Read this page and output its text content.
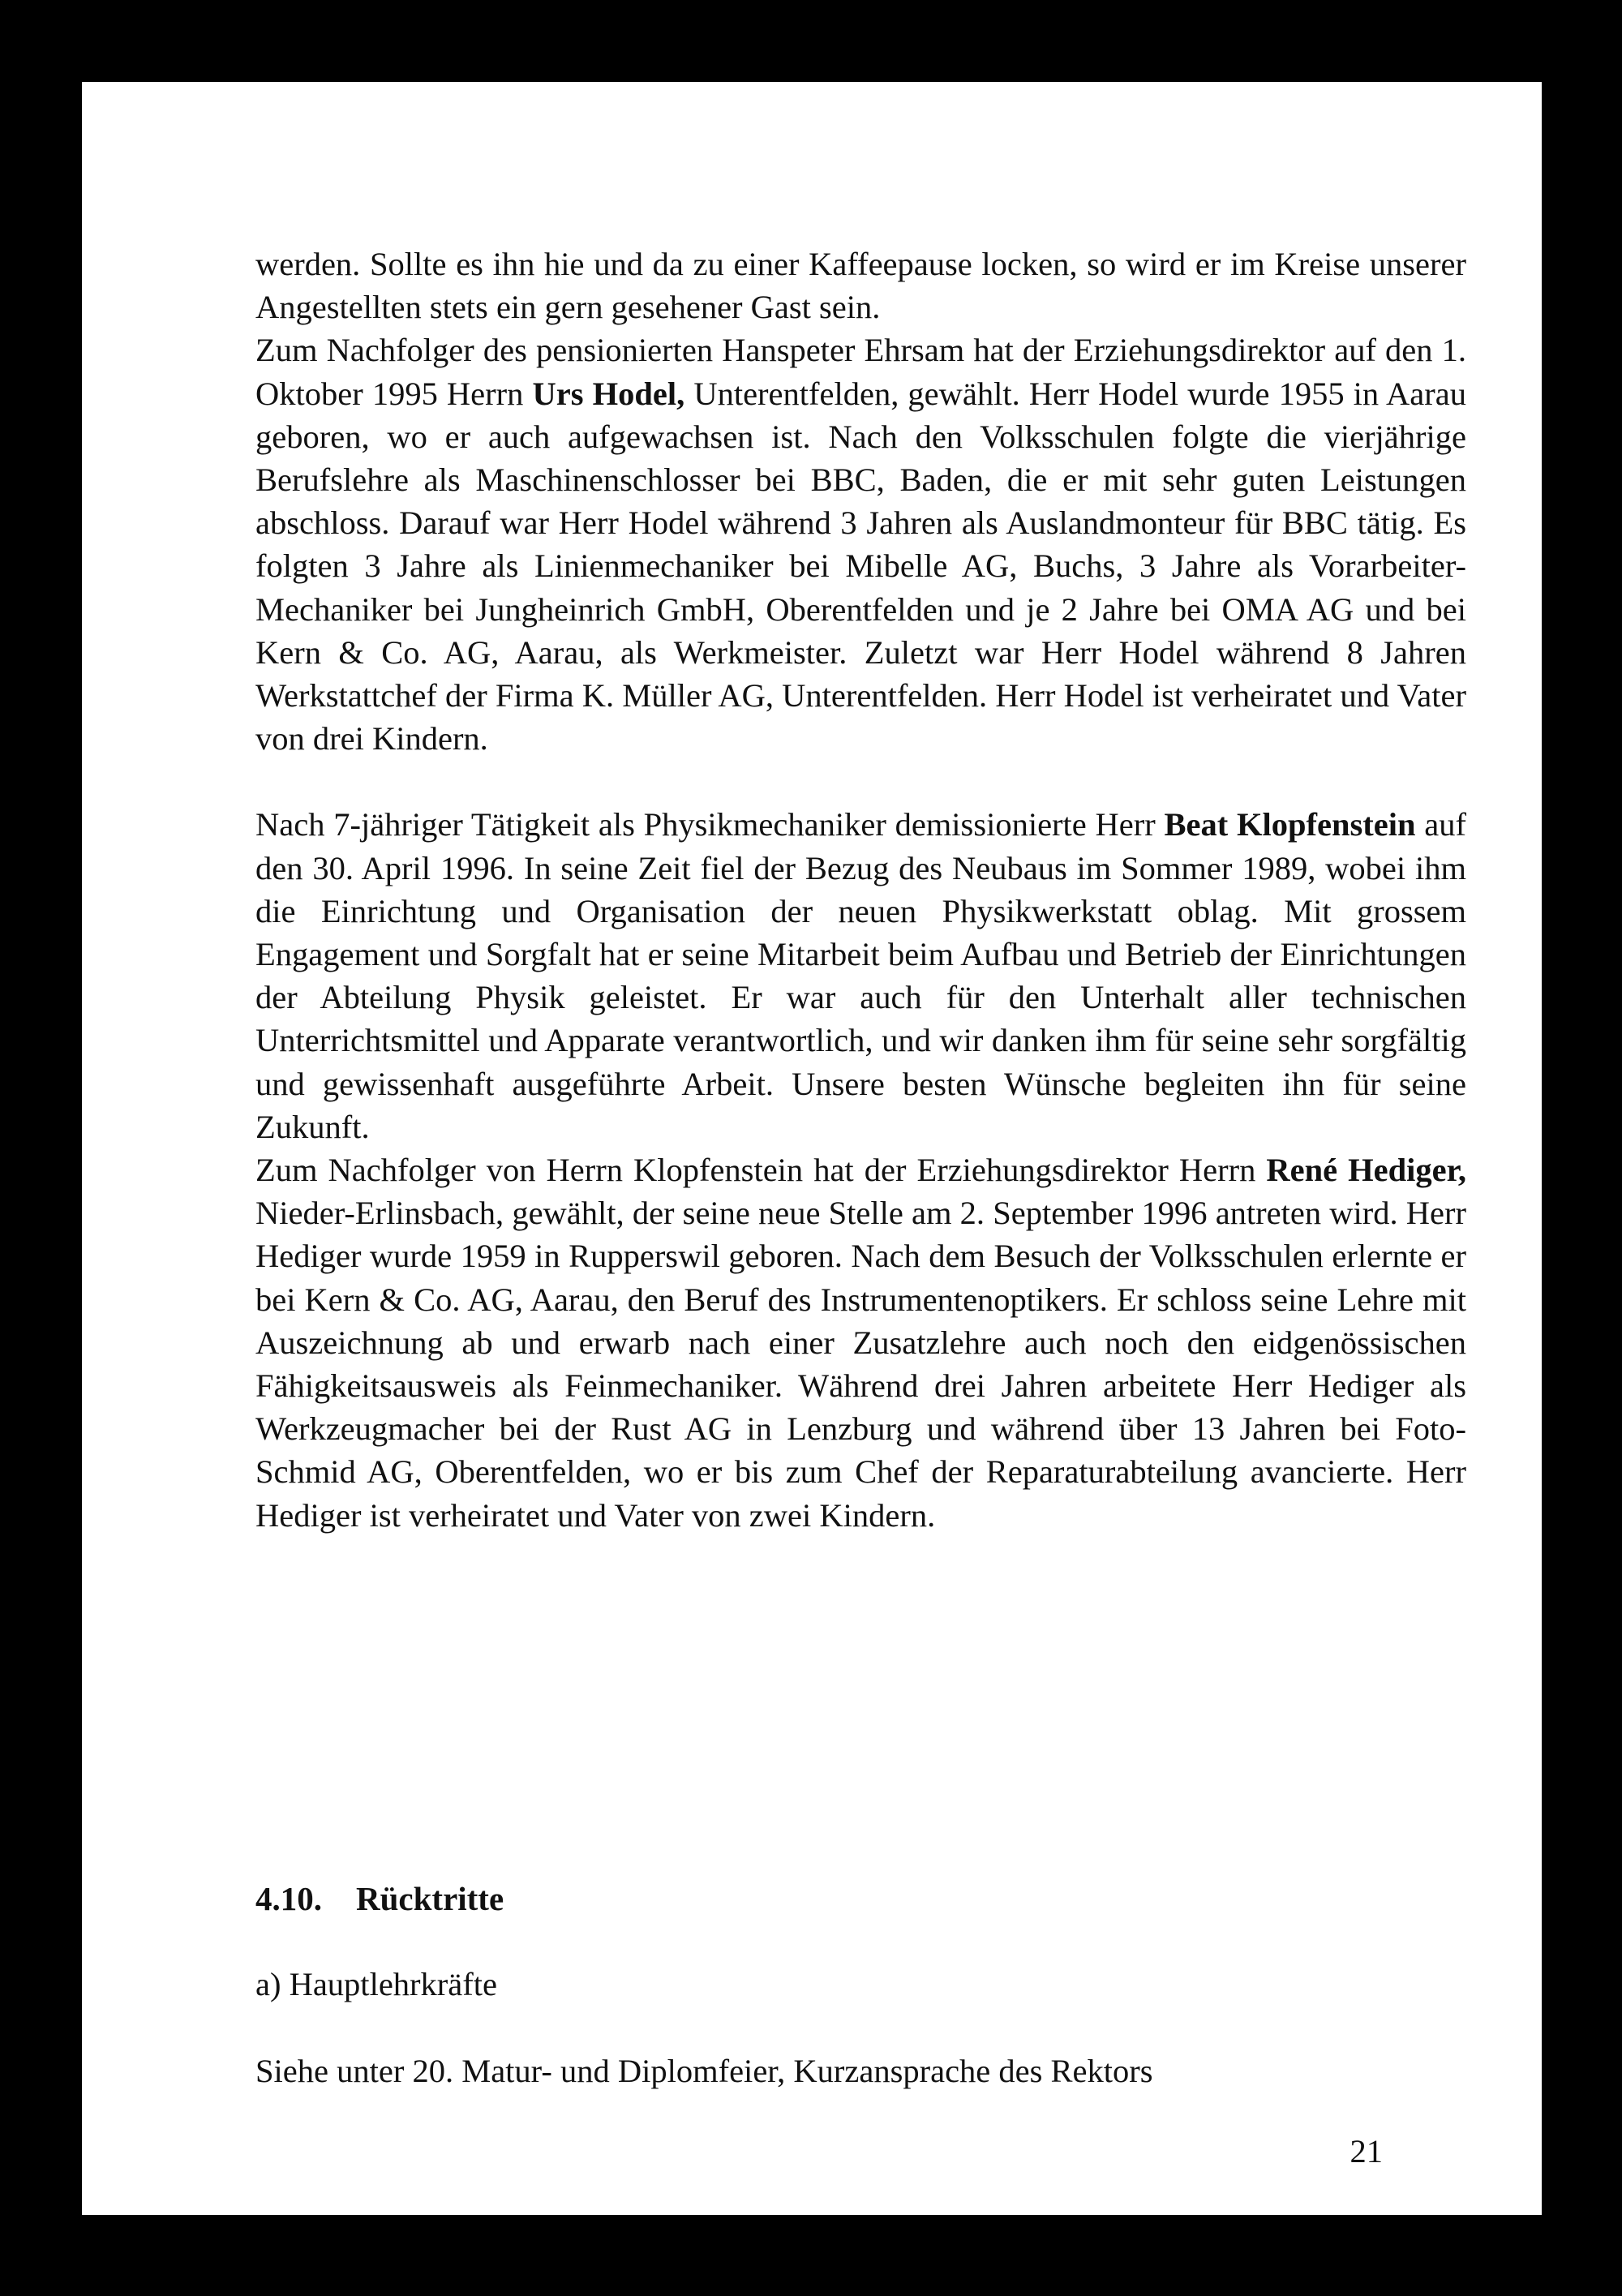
werden. Sollte es ihn hie und da zu einer Kaffeepause locken, so wird er im Kreise unserer Angestellten stets ein gern gesehener Gast sein.

Zum Nachfolger des pensionierten Hanspeter Ehrsam hat der Erziehungsdirektor auf den 1. Oktober 1995 Herrn Urs Hodel, Unterentfelden, gewählt. Herr Hodel wurde 1955 in Aarau geboren, wo er auch aufgewachsen ist. Nach den Volksschulen folgte die vierjährige Berufslehre als Maschinenschlosser bei BBC, Baden, die er mit sehr guten Leistungen abschloss. Darauf war Herr Hodel während 3 Jahren als Auslandmonteur für BBC tätig. Es folgten 3 Jahre als Linienmechaniker bei Mibelle AG, Buchs, 3 Jahre als Vorarbeiter-Mechaniker bei Jungheinrich GmbH, Oberentfelden und je 2 Jahre bei OMA AG und bei Kern & Co. AG, Aarau, als Werkmeister. Zuletzt war Herr Hodel während 8 Jahren Werkstattchef der Firma K. Müller AG, Unterentfelden. Herr Hodel ist verheiratet und Vater von drei Kindern.

Nach 7-jähriger Tätigkeit als Physikmechaniker demissionierte Herr Beat Klopfenstein auf den 30. April 1996. In seine Zeit fiel der Bezug des Neubaus im Sommer 1989, wobei ihm die Einrichtung und Organisation der neuen Physikwerkstatt oblag. Mit grossem Engagement und Sorgfalt hat er seine Mitarbeit beim Aufbau und Betrieb der Einrichtungen der Abteilung Physik geleistet. Er war auch für den Unterhalt aller technischen Unterrichtsmittel und Apparate verantwortlich, und wir danken ihm für seine sehr sorgfältig und gewissenhaft ausgeführte Arbeit. Unsere besten Wünsche begleiten ihn für seine Zukunft.

Zum Nachfolger von Herrn Klopfenstein hat der Erziehungsdirektor Herrn René Hediger, Nieder-Erlinsbach, gewählt, der seine neue Stelle am 2. September 1996 antreten wird. Herr Hediger wurde 1959 in Rupperswil geboren. Nach dem Besuch der Volksschulen erlernte er bei Kern & Co. AG, Aarau, den Beruf des Instrumentenoptikers. Er schloss seine Lehre mit Auszeichnung ab und erwarb nach einer Zusatzlehre auch noch den eidgenössischen Fähigkeitsausweis als Feinmechaniker. Während drei Jahren arbeitete Herr Hediger als Werkzeugmacher bei der Rust AG in Lenzburg und während über 13 Jahren bei Foto-Schmid AG, Oberentfelden, wo er bis zum Chef der Reparaturabteilung avancierte. Herr Hediger ist verheiratet und Vater von zwei Kindern.

4.10. Rücktritte
a) Hauptlehrkräfte
Siehe unter 20. Matur- und Diplomfeier, Kurzansprache des Rektors
21
